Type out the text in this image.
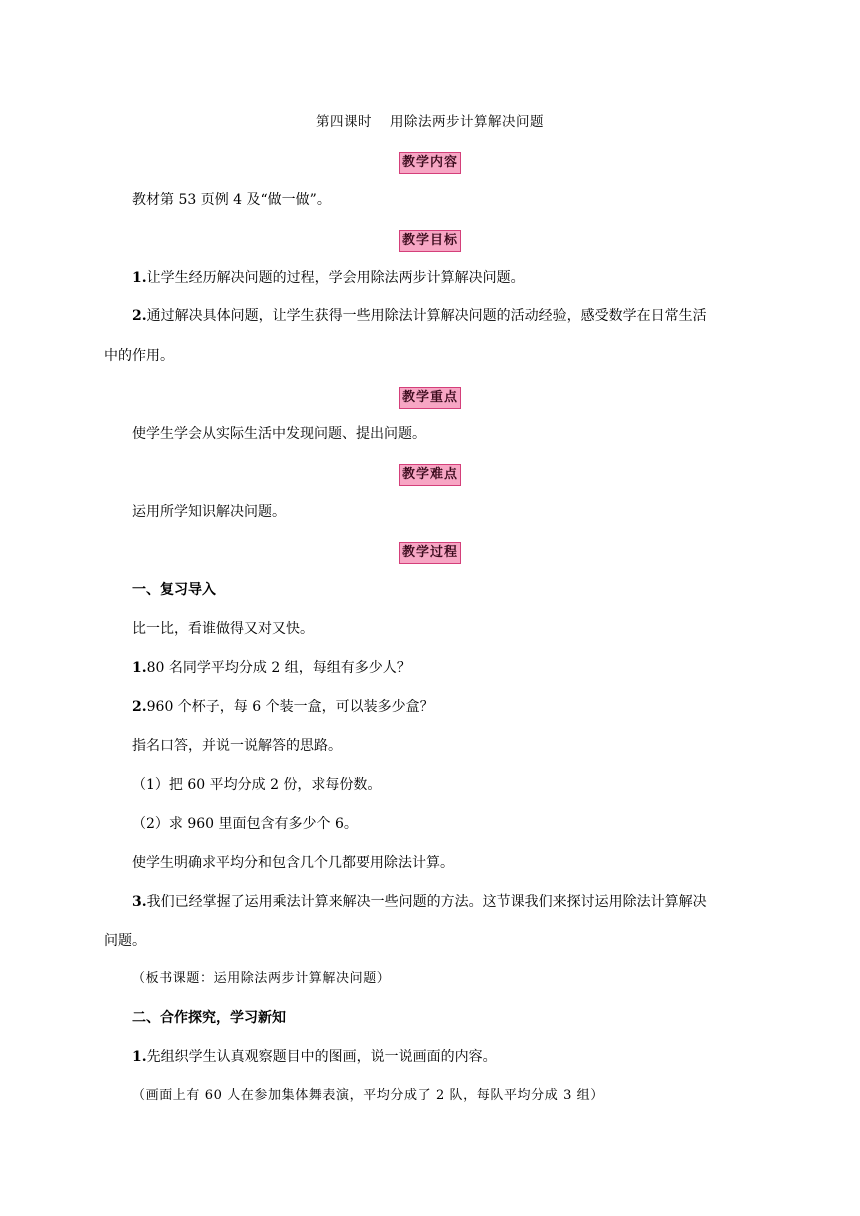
第四课时 用除法两步计算解决问题
教学内容
教材第 53 页例 4 及“做一做”。
教学目标
1.让学生经历解决问题的过程，学会用除法两步计算解决问题。
2.通过解决具体问题，让学生获得一些用除法计算解决问题的活动经验，感受数学在日常生活
中的作用。
教学重点
使学生学会从实际生活中发现问题、提出问题。
教学难点
运用所学知识解决问题。
教学过程
一、复习导入
比一比，看谁做得又对又快。
1.80 名同学平均分成 2 组，每组有多少人？
2.960 个杯子，每 6 个装一盒，可以装多少盒？
指名口答，并说一说解答的思路。
（1）把 60 平均分成 2 份，求每份数。
（2）求 960 里面包含有多少个 6。
使学生明确求平均分和包含几个几都要用除法计算。
3.我们已经掌握了运用乘法计算来解决一些问题的方法。这节课我们来探讨运用除法计算解决
问题。
（板书课题：运用除法两步计算解决问题）
二、合作探究，学习新知
1.先组织学生认真观察题目中的图画，说一说画面的内容。
（画面上有 60 人在参加集体舞表演，平均分成了 2 队，每队平均分成 3 组）
